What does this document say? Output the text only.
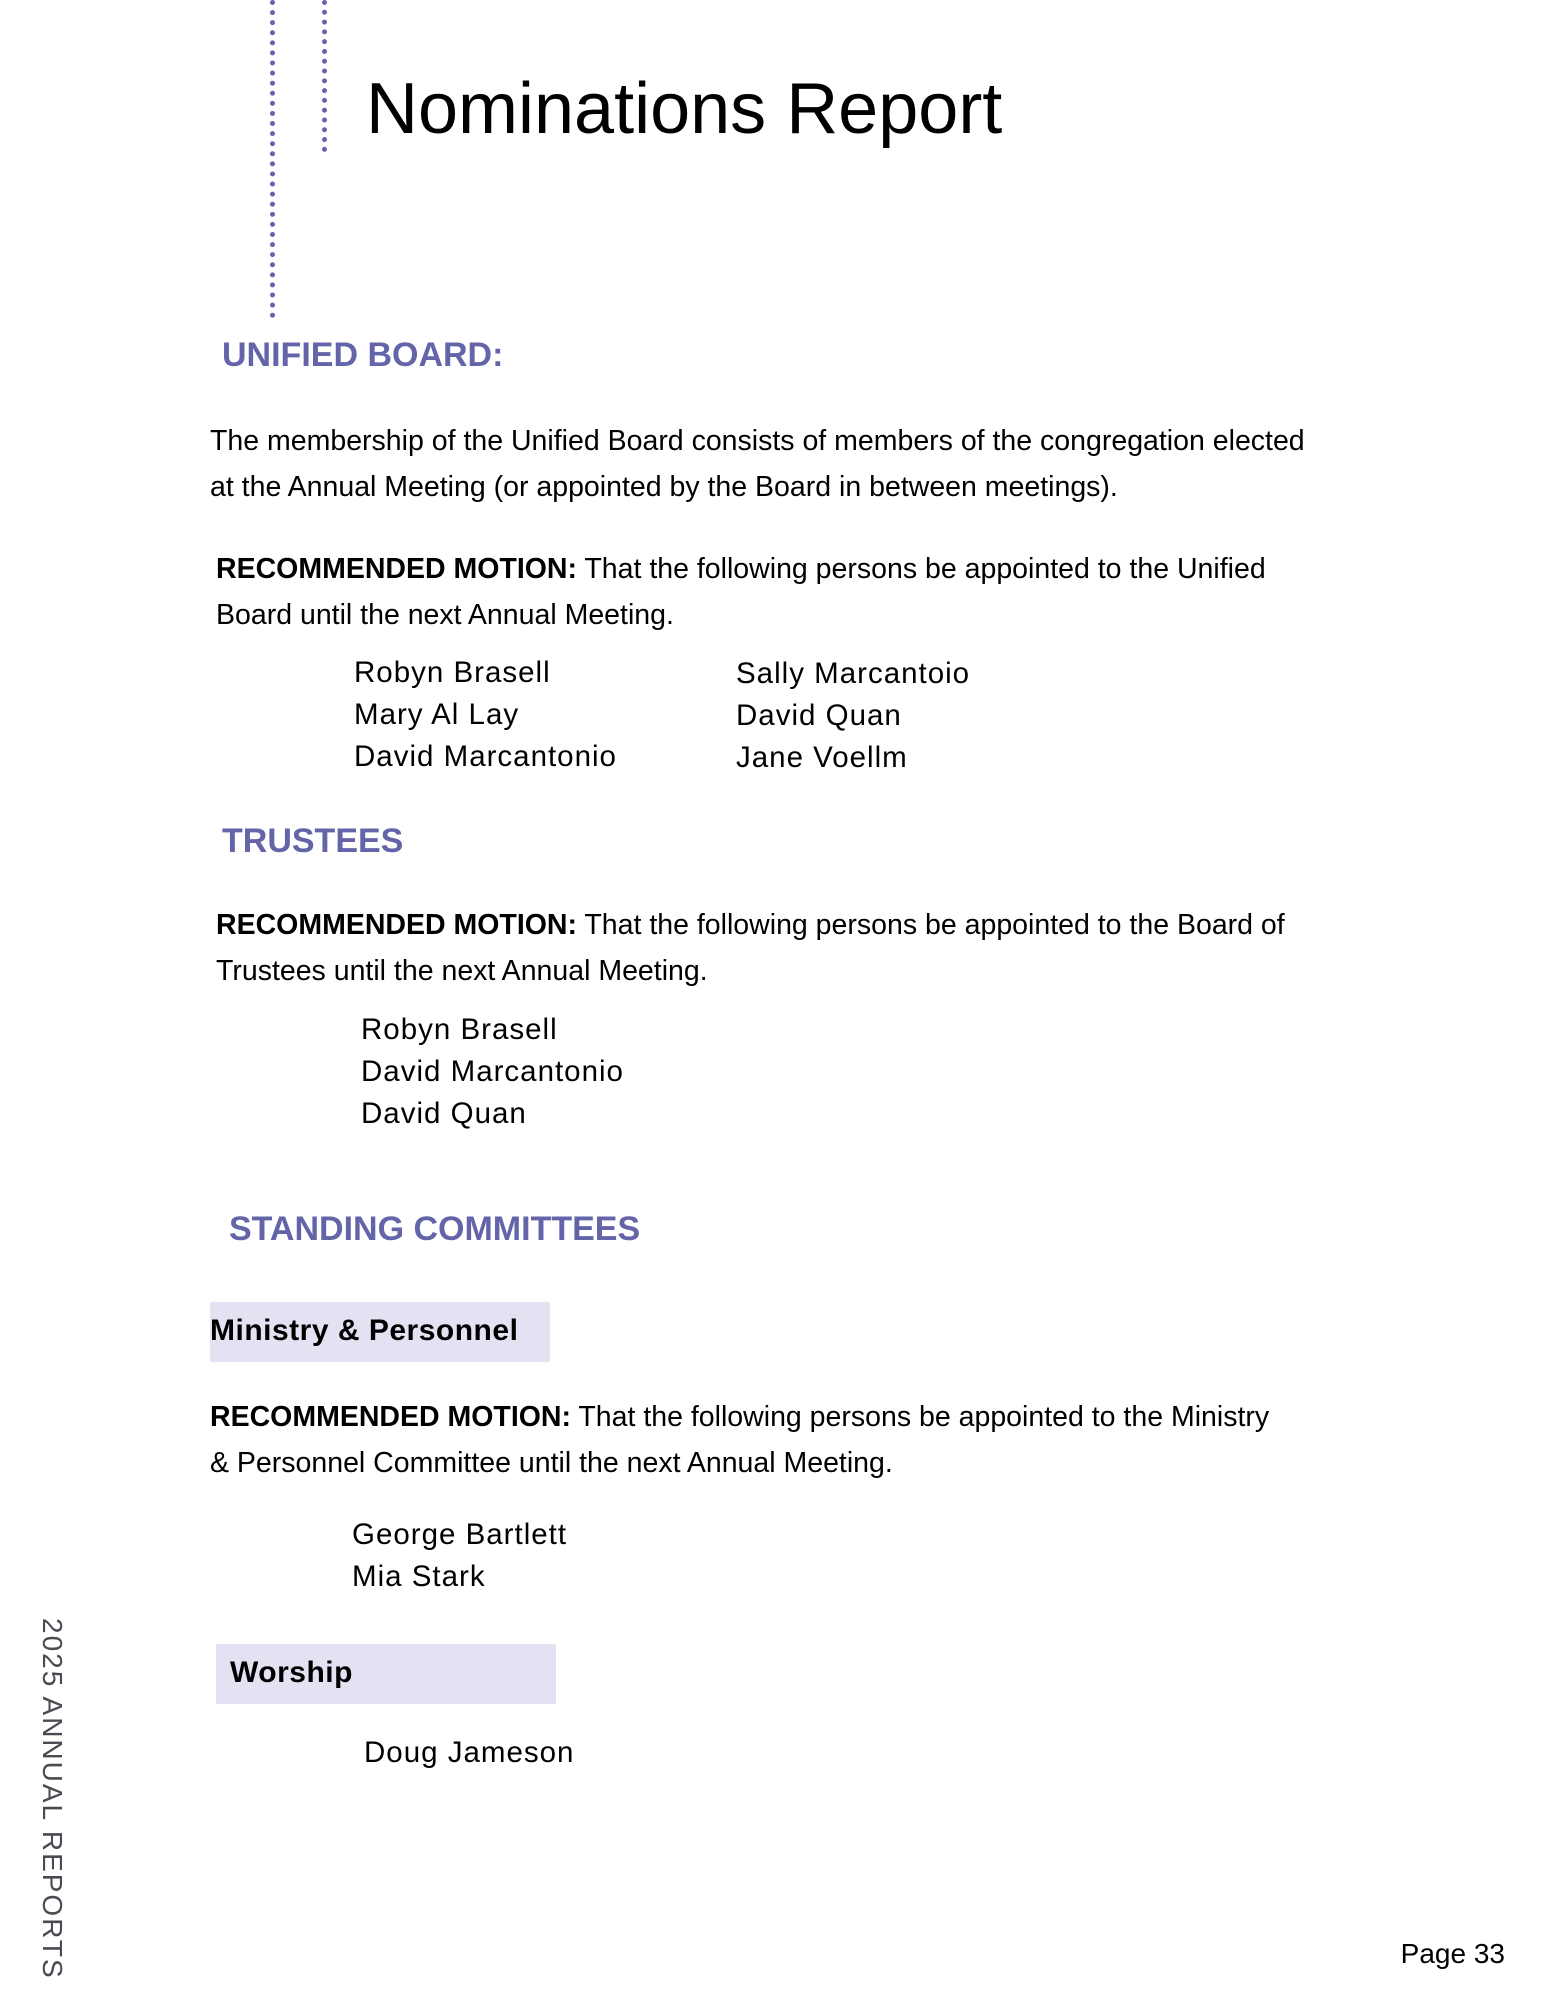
Nominations Report
UNIFIED BOARD:

The membership of the Unified Board consists of members of the congregation elected at the Annual Meeting (or appointed by the Board in between meetings).

RECOMMENDED MOTION: That the following persons be appointed to the Unified Board until the next Annual Meeting.

Robyn Brasell
Mary Al Lay
David Marcantonio
Sally Marcantoio
David Quan
Jane Voellm
TRUSTEES

RECOMMENDED MOTION: That the following persons be appointed to the Board of Trustees until the next Annual Meeting.

Robyn Brasell
David Marcantonio
David Quan
STANDING COMMITTEES
Ministry & Personnel

RECOMMENDED MOTION: That the following persons be appointed to the Ministry & Personnel Committee until the next Annual Meeting.

George Bartlett
Mia Stark
Worship
Doug Jameson
2025 ANNUAL REPORTS	Page 33
